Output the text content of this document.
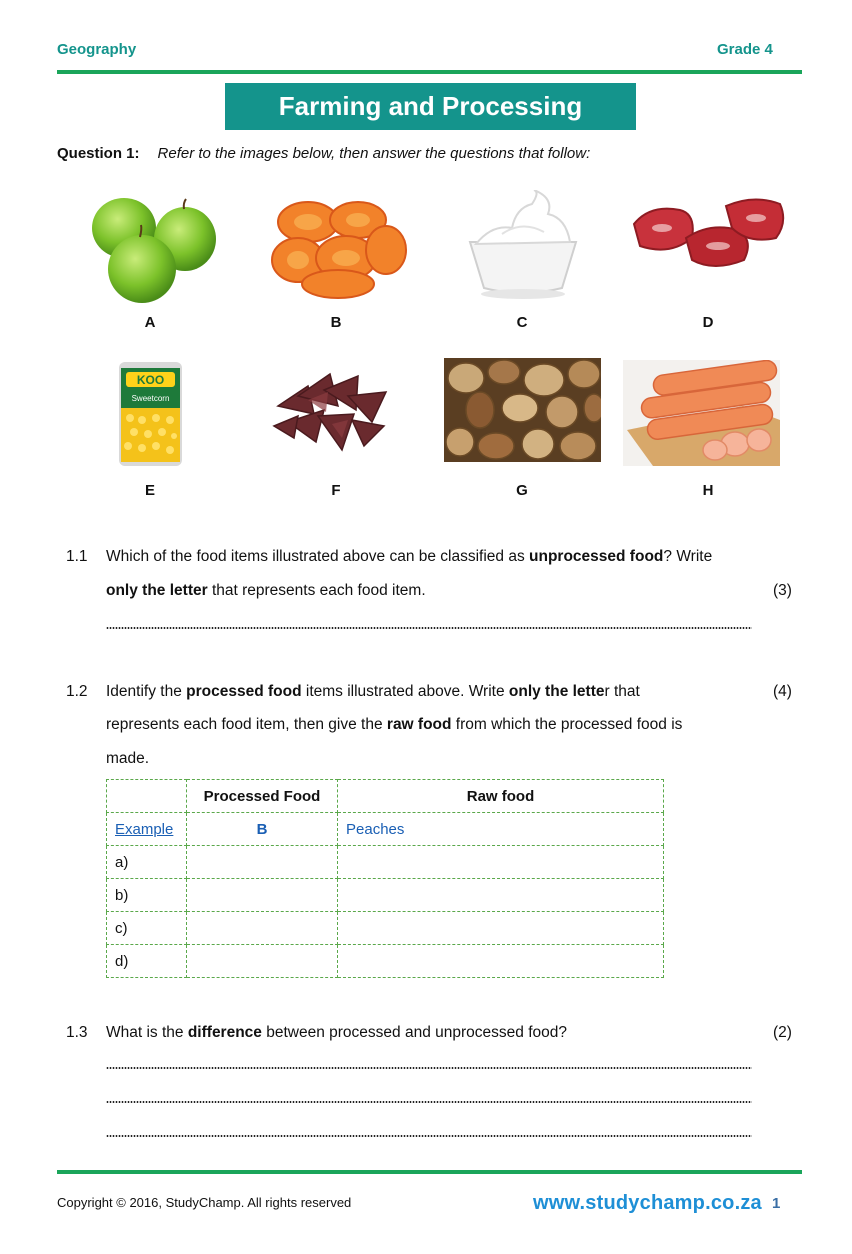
Geography	Grade 4
Farming and Processing
Question 1: Refer to the images below, then answer the questions that follow:
A	B	C	D
KOO
Sweetcorn
E	F	G	H
1.1 Which of the food items illustrated above can be classified as unprocessed food? Write
only the letter that represents each food item.	(3)
1.2 Identify the processed food items illustrated above. Write only the letter that	(4)
represents each food item, then give the raw food from which the processed food is
made.
	Processed Food	Raw food
Example	B	Peaches
a)		
b)		
c)		
d)		
1.3 What is the difference between processed and unprocessed food?	(2)
Copyright © 2016, StudyChamp. All rights reserved	www.studychamp.co.za 1
